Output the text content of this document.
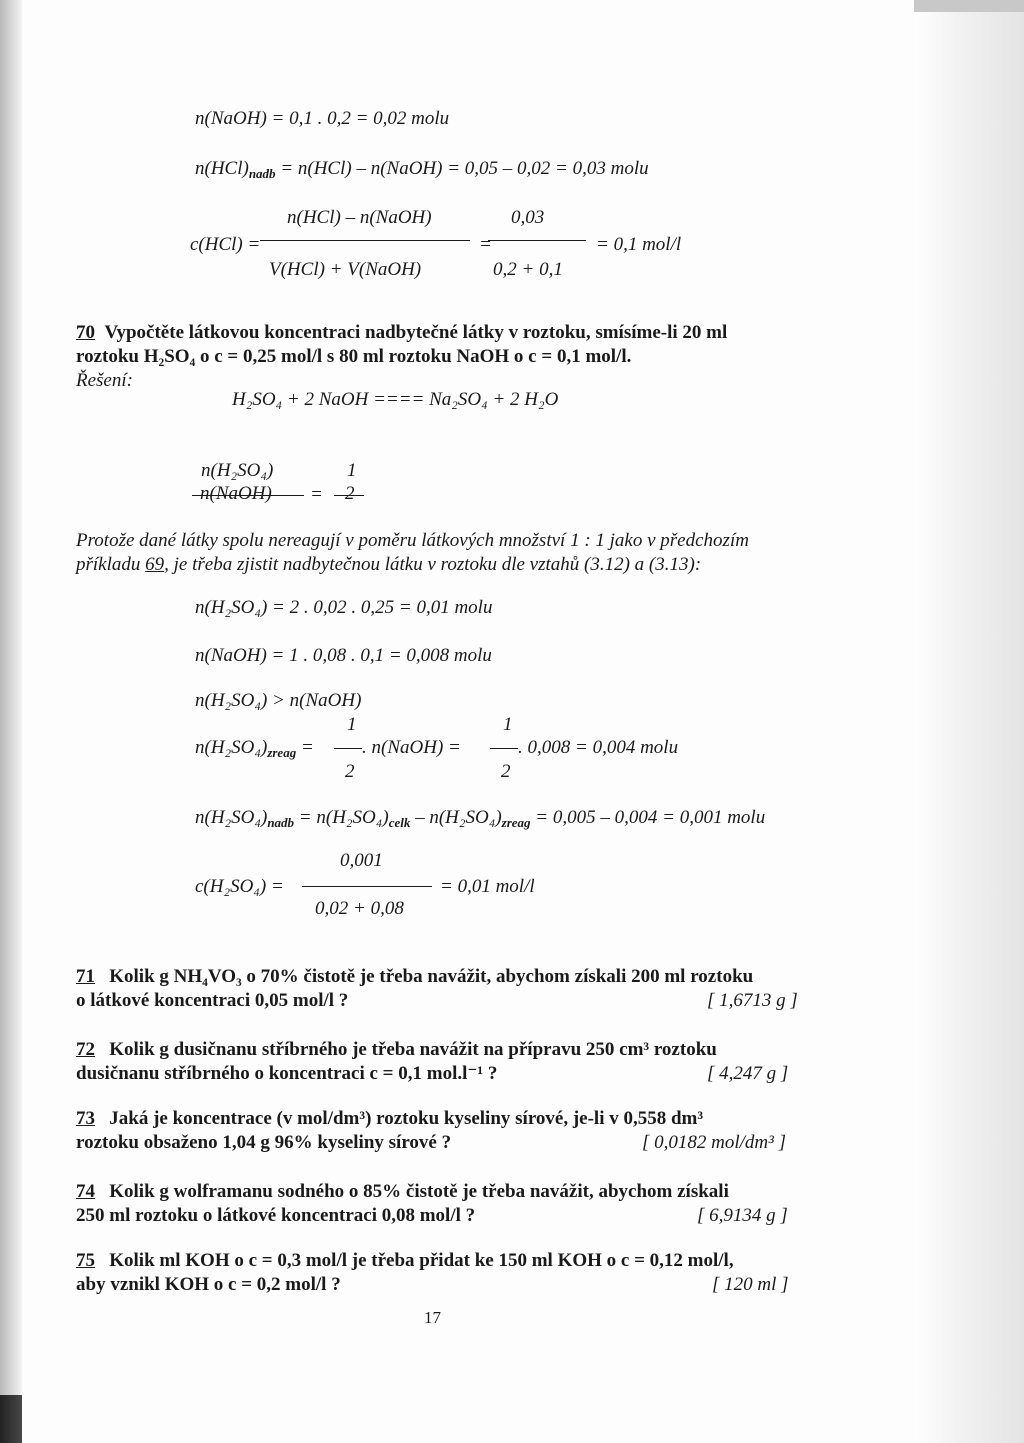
n(NaOH) = 0,1 . 0,2 = 0,02 molu
$n(HCl)_{nadb} = n(HCl)$ – n(NaOH) = 0,05 – 0,02 = 0,03 molu
c(HCl) =
n(HCl) – n(NaOH)
V(HCl) + V(NaOH)
=
0,03
0,2 + 0,1
= 0,1 mol/l
70 Vypočtěte látkovou koncentraci nadbytečné látky v roztoku, smísíme-li 20 ml
roztoku H₂SO₄ o c = 0,25 mol/l s 80 ml roztoku NaOH o c = 0,1 mol/l.
Řešení:
H₂SO₄ + 2 NaOH ==== Na₂SO₄ + 2 H₂O
n(H₂SO₄)
n(NaOH) =
1
2
Protože dané látky spolu nereagují v poměru látkových množství 1 : 1 jako v předchozím
příkladu 69, je třeba zjistit nadbytečnou látku v roztoku dle vztahů (3.12) a (3.13):
n(H₂SO₄) = 2 . 0,02 . 0,25 = 0,01 molu
n(NaOH) = 1 . 0,08 . 0,1 = 0,008 molu
n(H₂SO₄) > n(NaOH)
$n(H_2SO_4)_{zreag}$ =
1
2
. n(NaOH) =
1
2
. 0,008 = 0,004 molu
$n(H_2SO_4)_{nadb} = n(H_2SO_4)_{celk} - n(H_2SO_4)_{zreag} = 0,005 - 0,004 = 0,001$ molu
c(H₂SO₄) =
0,001
0,02 + 0,08
= 0,01 mol/l
71 Kolik g NH₄VO₃ o 70% čistotě je třeba navážit, abychom získali 200 ml roztoku
o látkové koncentraci 0,05 mol/l ?	[ 1,6713 g ]
72 Kolik g dusičnanu stříbrného je třeba navážit na přípravu 250 cm³ roztoku
dusičnanu stříbrného o koncentraci c = 0,1 mol.l⁻¹ ?	[ 4,247 g ]
73 Jaká je koncentrace (v mol/dm³) roztoku kyseliny sírové, je-li v 0,558 dm³
roztoku obsaženo 1,04 g 96% kyseliny sírové ?	[ 0,0182 mol/dm³ ]
74 Kolik g wolframanu sodného o 85% čistotě je třeba navážit, abychom získali
250 ml roztoku o látkové koncentraci 0,08 mol/l ?	[ 6,9134 g ]
75 Kolik ml KOH o c = 0,3 mol/l je třeba přidat ke 150 ml KOH o c = 0,12 mol/l,
aby vznikl KOH o c = 0,2 mol/l ?	[ 120 ml ]
17
